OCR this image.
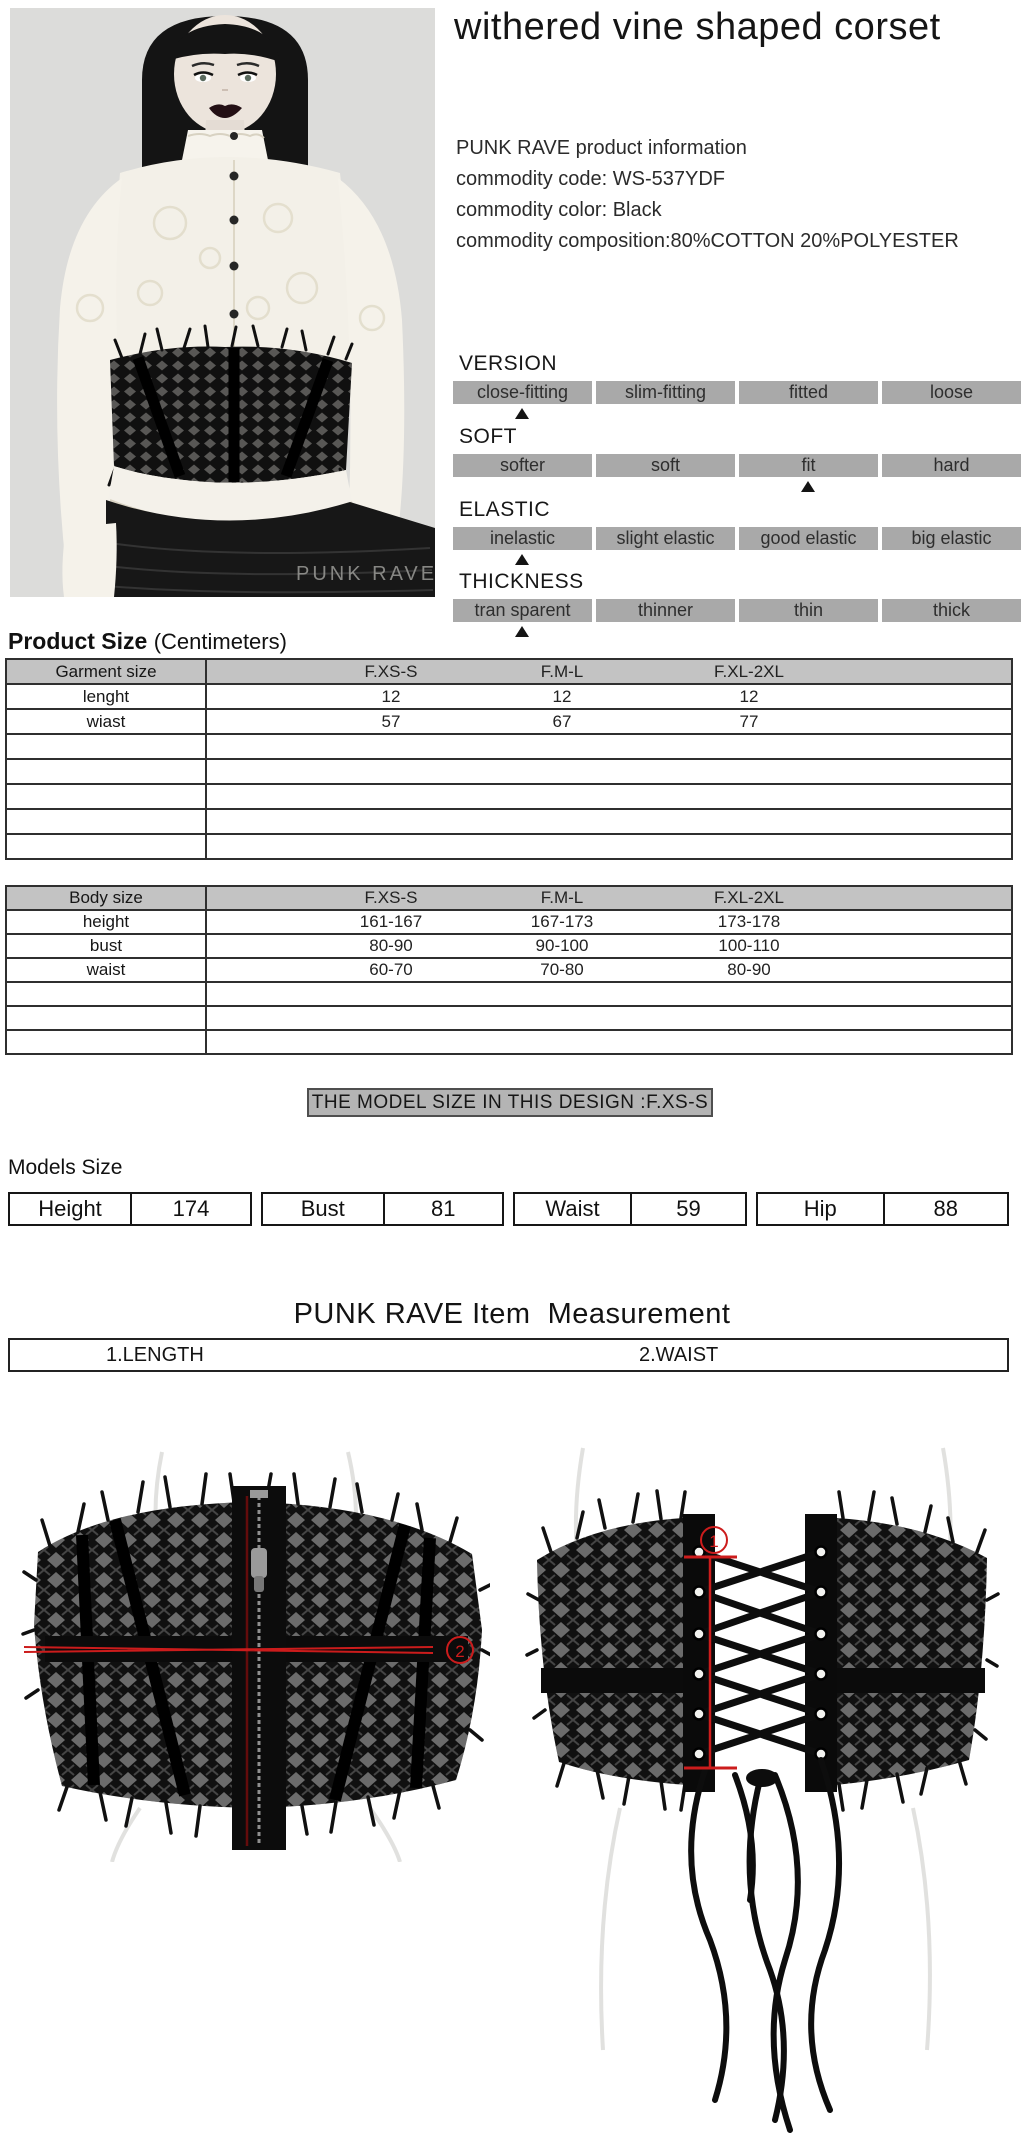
PUNK RAVE
withered vine shaped corset
PUNK RAVE product information
commodity code: WS-537YDF
commodity color: Black
commodity composition:80%COTTON 20%POLYESTER
VERSION
close-fitting	slim-fitting	fitted	loose
SOFT
softer	soft	fit	hard
ELASTIC
inelastic	slight elastic	good elastic	big elastic
THICKNESS
tran sparent	thinner	thin	thick
Product Size (Centimeters)
Garment size	F.XS-S	F.M-L	F.XL-2XL
lenght	12	12	12
wiast	57	67	77
Body size	F.XS-S	F.M-L	F.XL-2XL
height	161-167	167-173	173-178
bust	80-90	90-100	100-110
waist	60-70	70-80	80-90
THE MODEL SIZE IN THIS DESIGN :F.XS-S
Models Size
Height	174	Bust	81	Waist	59	Hip	88
PUNK RAVE Item  Measurement
1.LENGTH	2.WAIST
2
1
